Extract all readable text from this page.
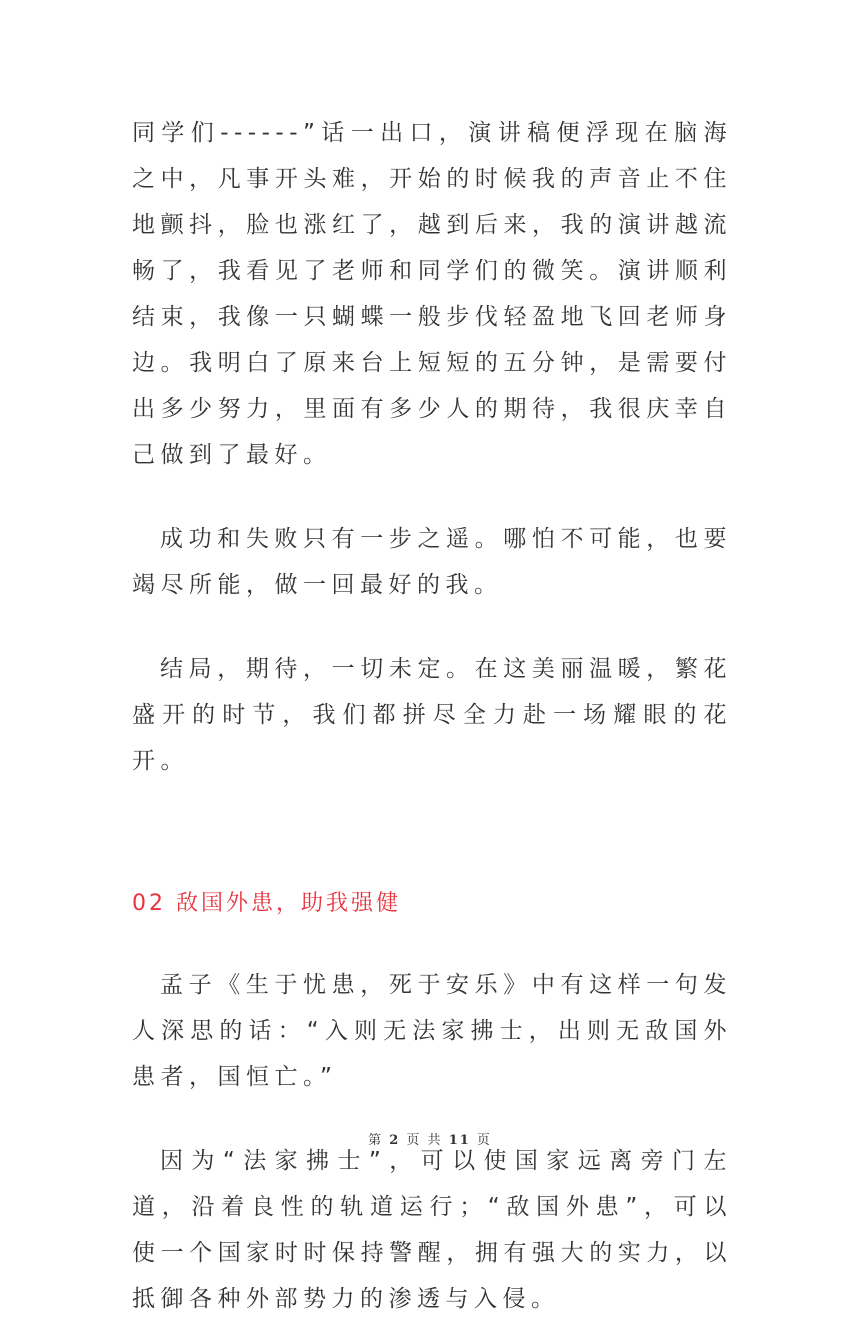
同学们------”话一出口，演讲稿便浮现在脑海之中，凡事开头难，开始的时候我的声音止不住地颤抖，脸也涨红了，越到后来，我的演讲越流畅了，我看见了老师和同学们的微笑。演讲顺利结束，我像一只蝴蝶一般步伐轻盈地飞回老师身边。我明白了原来台上短短的五分钟，是需要付出多少努力，里面有多少人的期待，我很庆幸自己做到了最好。

成功和失败只有一步之遥。哪怕不可能，也要竭尽所能，做一回最好的我。

结局，期待，一切未定。在这美丽温暖，繁花盛开的时节，我们都拼尽全力赴一场耀眼的花开。

02 敌国外患，助我强健

孟子《生于忧患，死于安乐》中有这样一句发人深思的话：“入则无法家拂士，出则无敌国外患者，国恒亡。”

因为“法家拂士”，可以使国家远离旁门左道，沿着良性的轨道运行；“敌国外患”，可以使一个国家时时保持警醒，拥有强大的实力，以抵御各种外部势力的渗透与入侵。

第 2 页 共 11 页
